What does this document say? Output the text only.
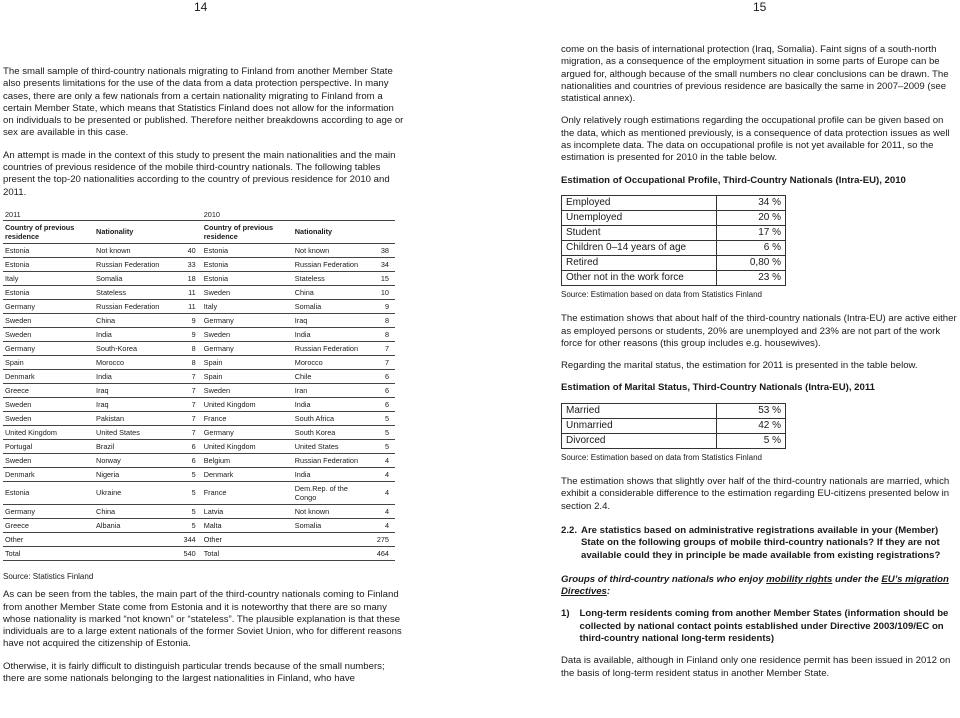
14	15

The small sample of third-country nationals migrating to Finland from another Member State also presents limitations for the use of the data from a data protection perspective. In many cases, there are only a few nationals from a certain nationality migrating to Finland from a certain Member State, which means that Statistics Finland does not allow for the information on individuals to be presented or published. Therefore neither breakdowns according to age or sex are available in this case.

An attempt is made in the context of this study to present the main nationalities and the main countries of previous residence of the mobile third-country nationals. The following tables present the top-20 nationalities according to the country of previous residence for 2010 and 2011.

2011			2010		
Country of previous residence	Nationality		Country of previous residence	Nationality	
Estonia	Not known	40	Estonia	Not known	38
Estonia	Russian Federation	33	Estonia	Russian Federation	34
Italy	Somalia	18	Estonia	Stateless	15
Estonia	Stateless	11	Sweden	China	10
Germany	Russian Federation	11	Italy	Somalia	9
Sweden	China	9	Germany	Iraq	8
Sweden	India	9	Sweden	India	8
Germany	South-Korea	8	Germany	Russian Federation	7
Spain	Morocco	8	Spain	Morocco	7
Denmark	India	7	Spain	Chile	6
Greece	Iraq	7	Sweden	Iran	6
Sweden	Iraq	7	United Kingdom	India	6
Sweden	Pakistan	7	France	South Africa	5
United Kingdom	United States	7	Germany	South Korea	5
Portugal	Brazil	6	United Kingdom	United States	5
Sweden	Norway	6	Belgium	Russian Federation	4
Denmark	Nigeria	5	Denmark	India	4
Estonia	Ukraine	5	France	Dem.Rep. of the Congo	4
Germany	China	5	Latvia	Not known	4
Greece	Albania	5	Malta	Somalia	4
Other		344	Other		275
Total		540	Total		464
Source: Statistics Finland

As can be seen from the tables, the main part of the third-country nationals coming to Finland from another Member State come from Estonia and it is noteworthy that there are so many whose nationality is marked “not known” or “stateless”. The plausible explanation is that these individuals are to a large extent nationals of the former Soviet Union, who for different reasons have not acquired the citizenship of Estonia.

Otherwise, it is fairly difficult to distinguish particular trends because of the small numbers; there are some nationals belonging to the largest nationalities in Finland, who have

come on the basis of international protection (Iraq, Somalia). Faint signs of a south-north migration, as a consequence of the employment situation in some parts of Europe can be argued for, although because of the small numbers no clear conclusions can be drawn. The nationalities and countries of previous residence are basically the same in 2007–2009 (see statistical annex).

Only relatively rough estimations regarding the occupational profile can be given based on the data, which as mentioned previously, is a consequence of data protection issues as well as incomplete data. The data on occupational profile is not yet available for 2011, so the estimation is presented for 2010 in the table below.

Estimation of Occupational Profile, Third-Country Nationals (Intra-EU), 2010
Employed	34 %
Unemployed	20 %
Student	17 %
Children 0–14 years of age	6 %
Retired	0,80 %
Other not in the work force	23 %
Source: Estimation based on data from Statistics Finland

The estimation shows that about half of the third-country nationals (Intra-EU) are active either as employed persons or students, 20% are unemployed and 23% are not part of the work force for other reasons (this group includes e.g. housewives).

Regarding the marital status, the estimation for 2011 is presented in the table below.

Estimation of Marital Status, Third-Country Nationals (Intra-EU), 2011
Married	53 %
Unmarried	42 %
Divorced	5 %
Source: Estimation based on data from Statistics Finland

The estimation shows that slightly over half of the third-country nationals are married, which exhibit a considerable difference to the estimation regarding EU-citizens presented below in section 2.4.

2.2. Are statistics based on administrative registrations available in your (Member) State on the following groups of mobile third-country nationals? If they are not available could they in principle be made available from existing registrations?

Groups of third-country nationals who enjoy mobility rights under the EU’s migration Directives:

1) Long-term residents coming from another Member States (information should be collected by national contact points established under Directive 2003/109/EC on third-country national long-term residents)

Data is available, although in Finland only one residence permit has been issued in 2012 on the basis of long-term resident status in another Member State.
